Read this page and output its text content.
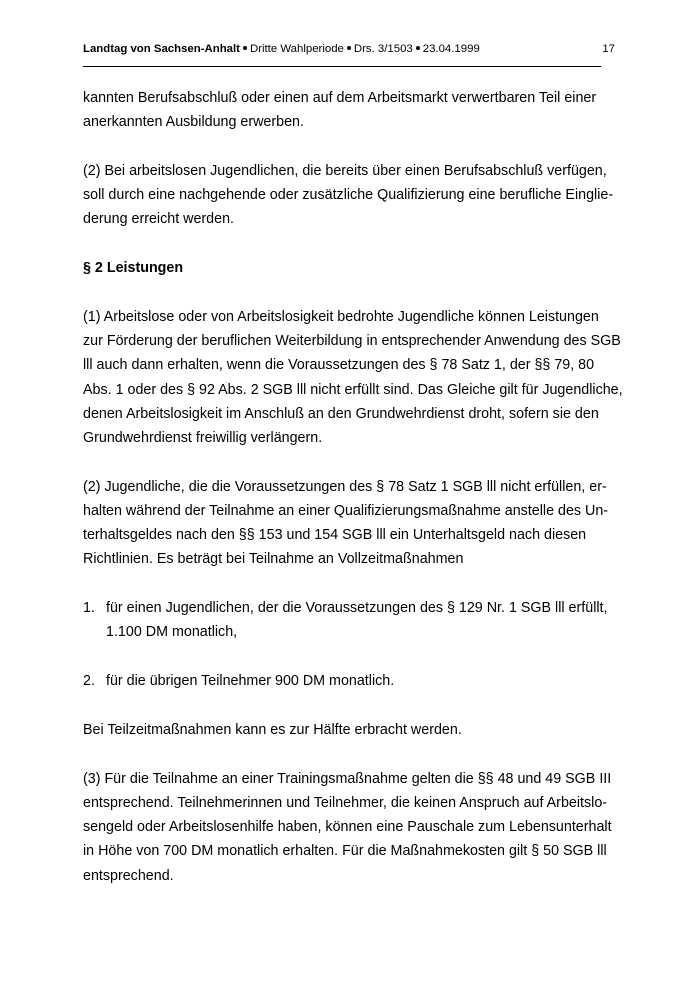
Landtag von Sachsen-Anhalt Dritte Wahlperiode Drs. 3/1503 23.04.1999	17

kannten Berufsabschluß oder einen auf dem Arbeitsmarkt verwertbaren Teil einer
anerkannten Ausbildung erwerben.

(2) Bei arbeitslosen Jugendlichen, die bereits über einen Berufsabschluß verfügen,
soll durch eine nachgehende oder zusätzliche Qualifizierung eine berufliche Einglie-
derung erreicht werden.

§ 2 Leistungen

(1) Arbeitslose oder von Arbeitslosigkeit bedrohte Jugendliche können Leistungen
zur Förderung der beruflichen Weiterbildung in entsprechender Anwendung des SGB
lll auch dann erhalten, wenn die Voraussetzungen des § 78 Satz 1, der §§ 79, 80
Abs. 1 oder des § 92 Abs. 2 SGB lll nicht erfüllt sind. Das Gleiche gilt für Jugendliche,
denen Arbeitslosigkeit im Anschluß an den Grundwehrdienst droht, sofern sie den
Grundwehrdienst freiwillig verlängern.

(2) Jugendliche, die die Voraussetzungen des § 78 Satz 1 SGB lll nicht erfüllen, er-
halten während der Teilnahme an einer Qualifizierungsmaßnahme anstelle des Un-
terhaltsgeldes nach den §§ 153 und 154 SGB lll ein Unterhaltsgeld nach diesen
Richtlinien. Es beträgt bei Teilnahme an Vollzeitmaßnahmen

1. für einen Jugendlichen, der die Voraussetzungen des § 129 Nr. 1 SGB lll erfüllt,
1.100 DM monatlich,
2. für die übrigen Teilnehmer 900 DM monatlich.

Bei Teilzeitmaßnahmen kann es zur Hälfte erbracht werden.

(3) Für die Teilnahme an einer Trainingsmaßnahme gelten die §§ 48 und 49 SGB III
entsprechend. Teilnehmerinnen und Teilnehmer, die keinen Anspruch auf Arbeitslo-
sengeld oder Arbeitslosenhilfe haben, können eine Pauschale zum Lebensunterhalt
in Höhe von 700 DM monatlich erhalten. Für die Maßnahmekosten gilt § 50 SGB lll
entsprechend.
